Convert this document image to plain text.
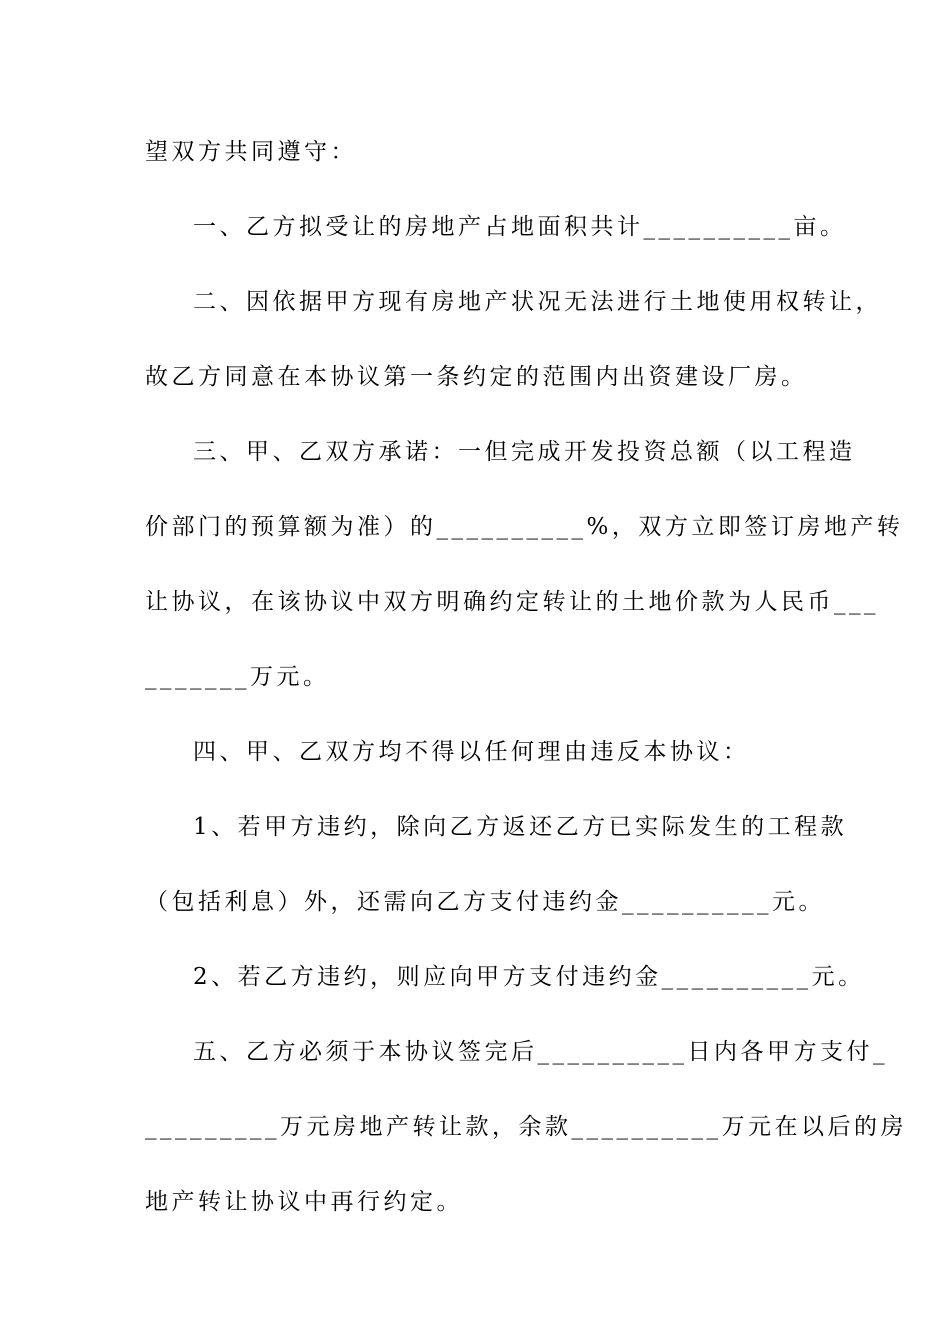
望双方共同遵守：
一、乙方拟受让的房地产占地面积共计__________亩。
二、因依据甲方现有房地产状况无法进行土地使用权转让，
故乙方同意在本协议第一条约定的范围内出资建设厂房。
三、甲、乙双方承诺：一但完成开发投资总额（以工程造
价部门的预算额为准）的__________%，双方立即签订房地产转
让协议，在该协议中双方明确约定转让的土地价款为人民币___
_______万元。
四、甲、乙双方均不得以任何理由违反本协议：
1、若甲方违约，除向乙方返还乙方已实际发生的工程款
（包括利息）外，还需向乙方支付违约金__________元。
2、若乙方违约，则应向甲方支付违约金__________元。
五、乙方必须于本协议签完后__________日内各甲方支付_
_________万元房地产转让款，余款__________万元在以后的房
地产转让协议中再行约定。
